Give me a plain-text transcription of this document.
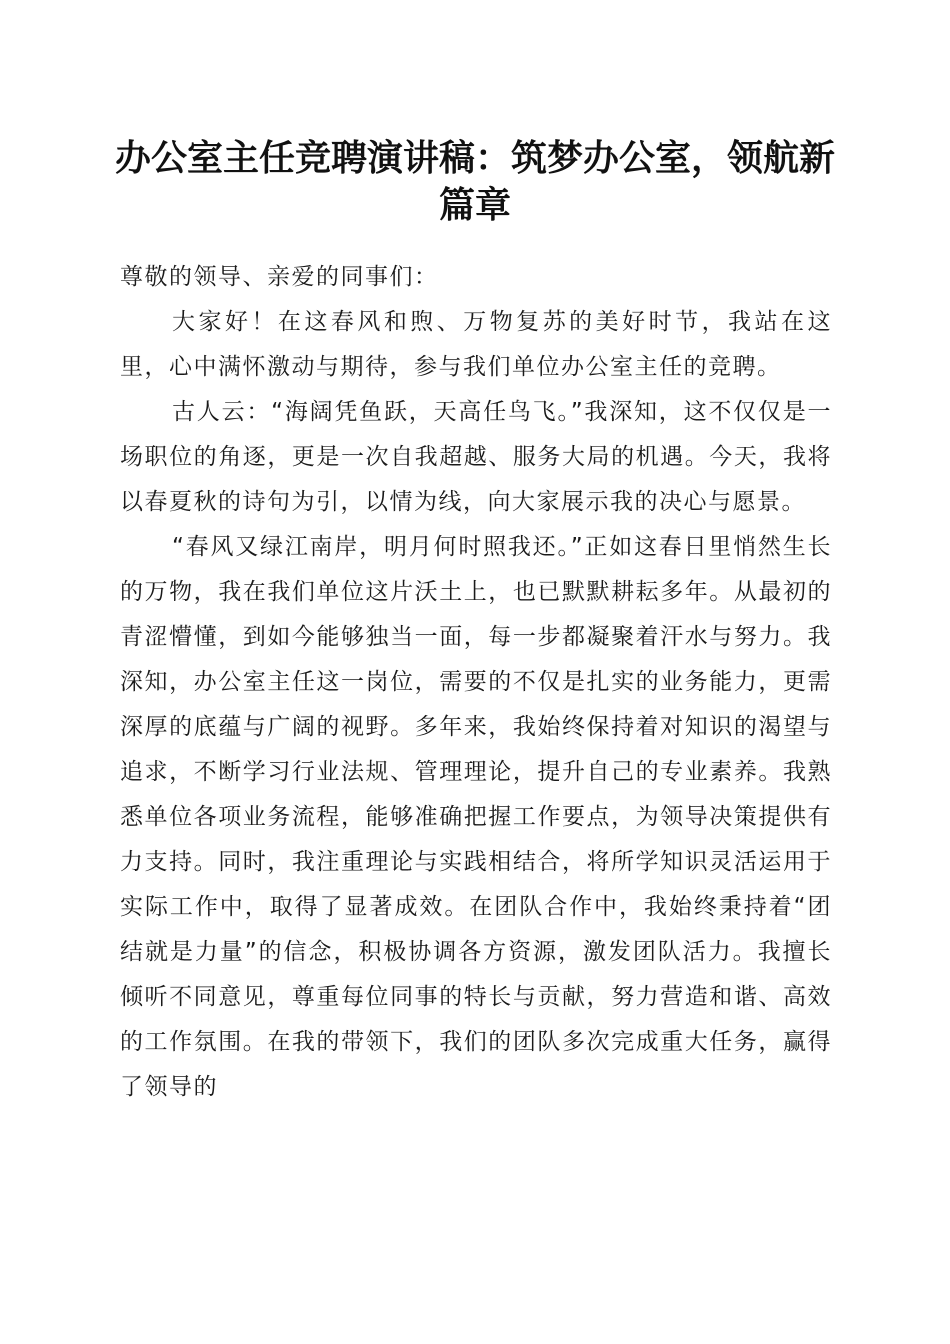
办公室主任竞聘演讲稿：筑梦办公室，领航新
篇章

尊敬的领导、亲爱的同事们：

大家好！在这春风和煦、万物复苏的美好时节，我站在这里，心中满怀激动与期待，参与我们单位办公室主任的竞聘。

古人云：“海阔凭鱼跃，天高任鸟飞。”我深知，这不仅仅是一场职位的角逐，更是一次自我超越、服务大局的机遇。今天，我将以春夏秋的诗句为引，以情为线，向大家展示我的决心与愿景。

“春风又绿江南岸，明月何时照我还。”正如这春日里悄然生长的万物，我在我们单位这片沃土上，也已默默耕耘多年。从最初的青涩懵懂，到如今能够独当一面，每一步都凝聚着汗水与努力。我深知，办公室主任这一岗位，需要的不仅是扎实的业务能力，更需深厚的底蕴与广阔的视野。多年来，我始终保持着对知识的渴望与追求，不断学习行业法规、管理理论，提升自己的专业素养。我熟悉单位各项业务流程，能够准确把握工作要点，为领导决策提供有力支持。同时，我注重理论与实践相结合，将所学知识灵活运用于实际工作中，取得了显著成效。在团队合作中，我始终秉持着“团结就是力量”的信念，积极协调各方资源，激发团队活力。我擅长倾听不同意见，尊重每位同事的特长与贡献，努力营造和谐、高效的工作氛围。在我的带领下，我们的团队多次完成重大任务，赢得了领导的
